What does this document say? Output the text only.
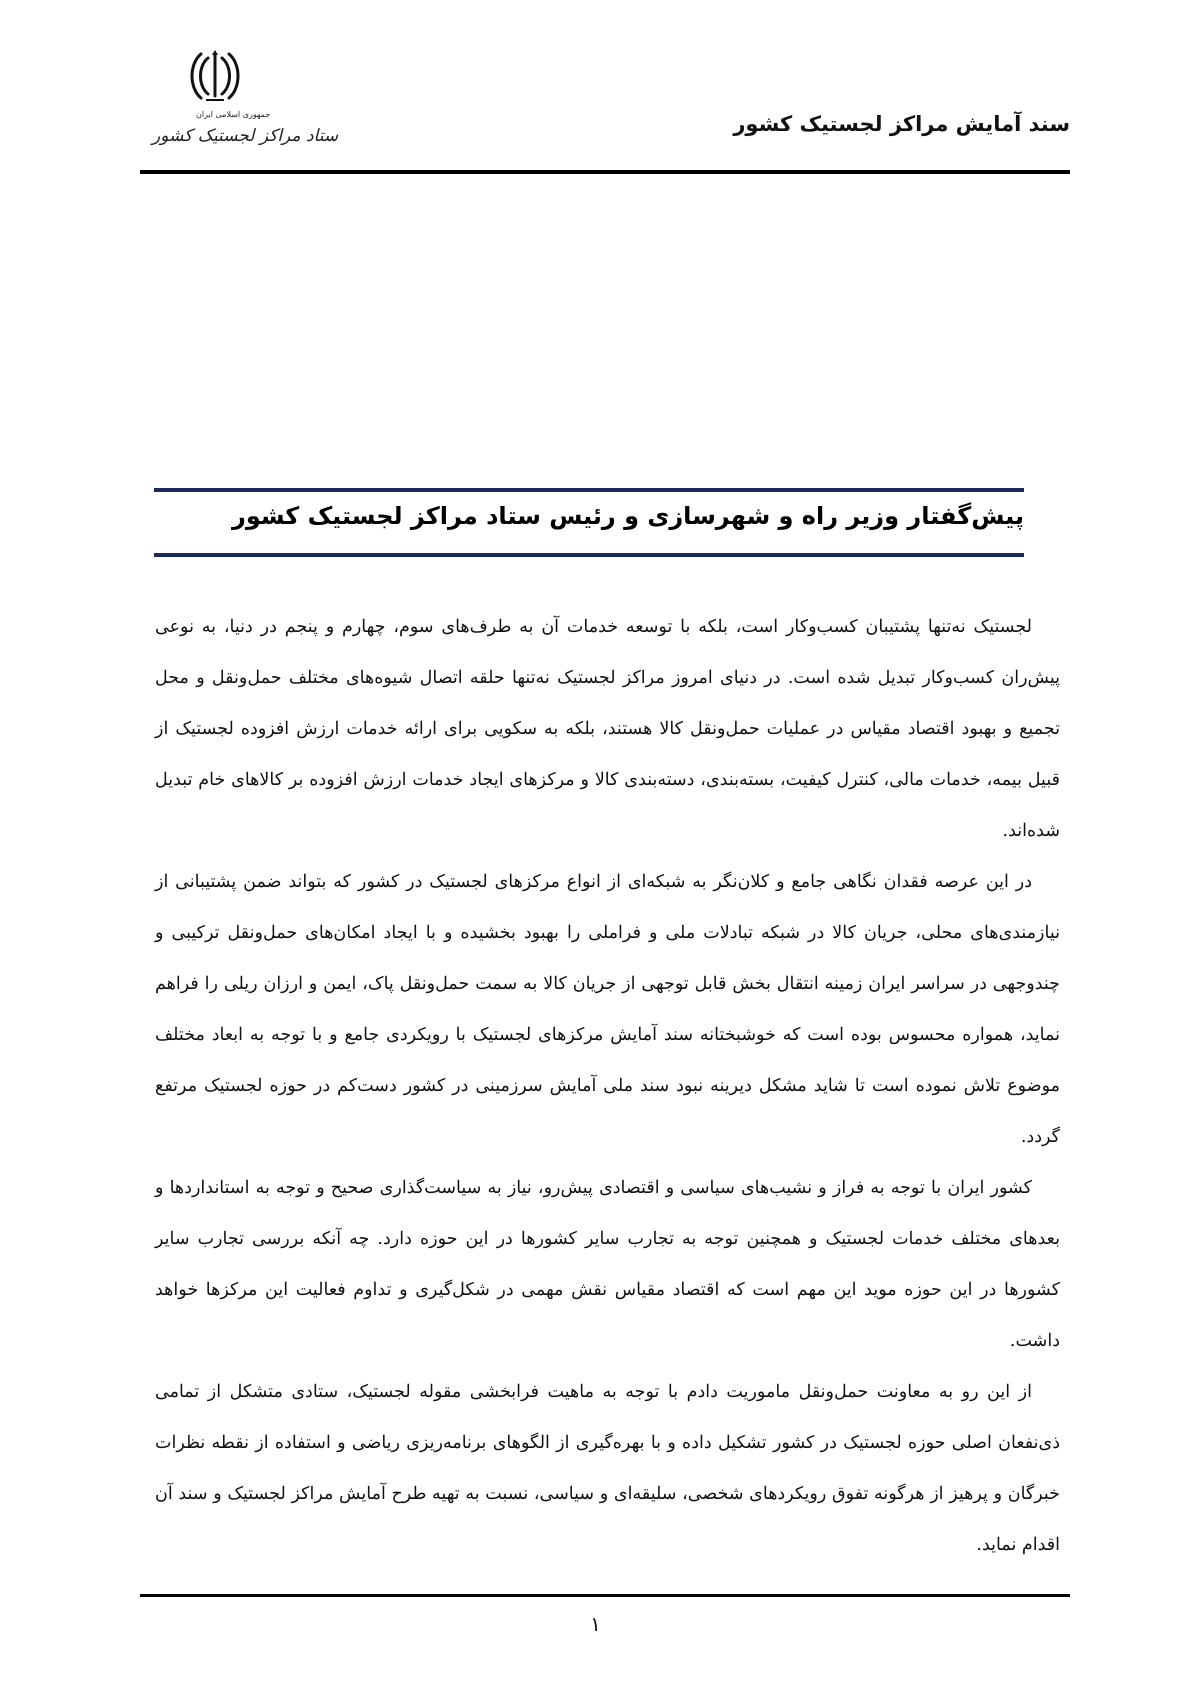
جمهوری اسلامی ایران
ستاد مراکز لجستیک کشور	سند آمایش مراکز لجستیک کشور
پیش‌گفتار وزیر راه و شهرسازی و رئیس ستاد مراکز لجستیک کشور

لجستیک نه‌تنها پشتیبان کسب‌وکار است، بلکه با توسعه خدمات آن به طرف‌های سوم، چهارم و پنجم در دنیا، به نوعی پیش‌ران کسب‌وکار تبدیل شده است. در دنیای امروز مراکز لجستیک نه‌تنها حلقه اتصال شیوه‌های مختلف حمل‌ونقل و محل تجمیع و بهبود اقتصاد مقیاس در عملیات حمل‌ونقل کالا هستند، بلکه به سکویی برای ارائه خدمات ارزش افزوده لجستیک از قبیل بیمه، خدمات مالی، کنترل کیفیت، بسته‌بندی، دسته‌بندی کالا و مرکزهای ایجاد خدمات ارزش افزوده بر کالاهای خام تبدیل شده‌اند.

در این عرصه فقدان نگاهی جامع و کلان‌نگر به شبکه‌ای از انواع مرکزهای لجستیک در کشور که بتواند ضمن پشتیبانی از نیازمندی‌های محلی، جریان کالا در شبکه تبادلات ملی و فراملی را بهبود بخشیده و با ایجاد امکان‌های حمل‌ونقل ترکیبی و چندوجهی در سراسر ایران زمینه انتقال بخش قابل توجهی از جریان کالا به سمت حمل‌ونقل پاک، ایمن و ارزان ریلی را فراهم نماید، همواره محسوس بوده است که خوشبختانه سند آمایش مرکزهای لجستیک با رویکردی جامع و با توجه به ابعاد مختلف موضوع تلاش نموده است تا شاید مشکل دیرینه نبود سند ملی آمایش سرزمینی در کشور دست‌کم در حوزه لجستیک مرتفع گردد.

کشور ایران با توجه به فراز و نشیب‌های سیاسی و اقتصادی پیش‌رو، نیاز به سیاست‌گذاری صحیح و توجه به استانداردها و بعدهای مختلف خدمات لجستیک و همچنین توجه به تجارب سایر کشورها در این حوزه دارد. چه آنکه بررسی تجارب سایر کشورها در این حوزه موید این مهم است که اقتصاد مقیاس نقش مهمی در شکل‌گیری و تداوم فعالیت این مرکزها خواهد داشت.

از این رو به معاونت حمل‌ونقل ماموریت دادم با توجه به ماهیت فرابخشی مقوله لجستیک، ستادی متشکل از تمامی ذی‌نفعان اصلی حوزه لجستیک در کشور تشکیل داده و با بهره‌گیری از الگوهای برنامه‌ریزی ریاضی و استفاده از نقطه نظرات خبرگان و پرهیز از هرگونه تفوق رویکردهای شخصی، سلیقه‌ای و سیاسی، نسبت به تهیه طرح آمایش مراکز لجستیک و سند آن اقدام نماید.

۱
